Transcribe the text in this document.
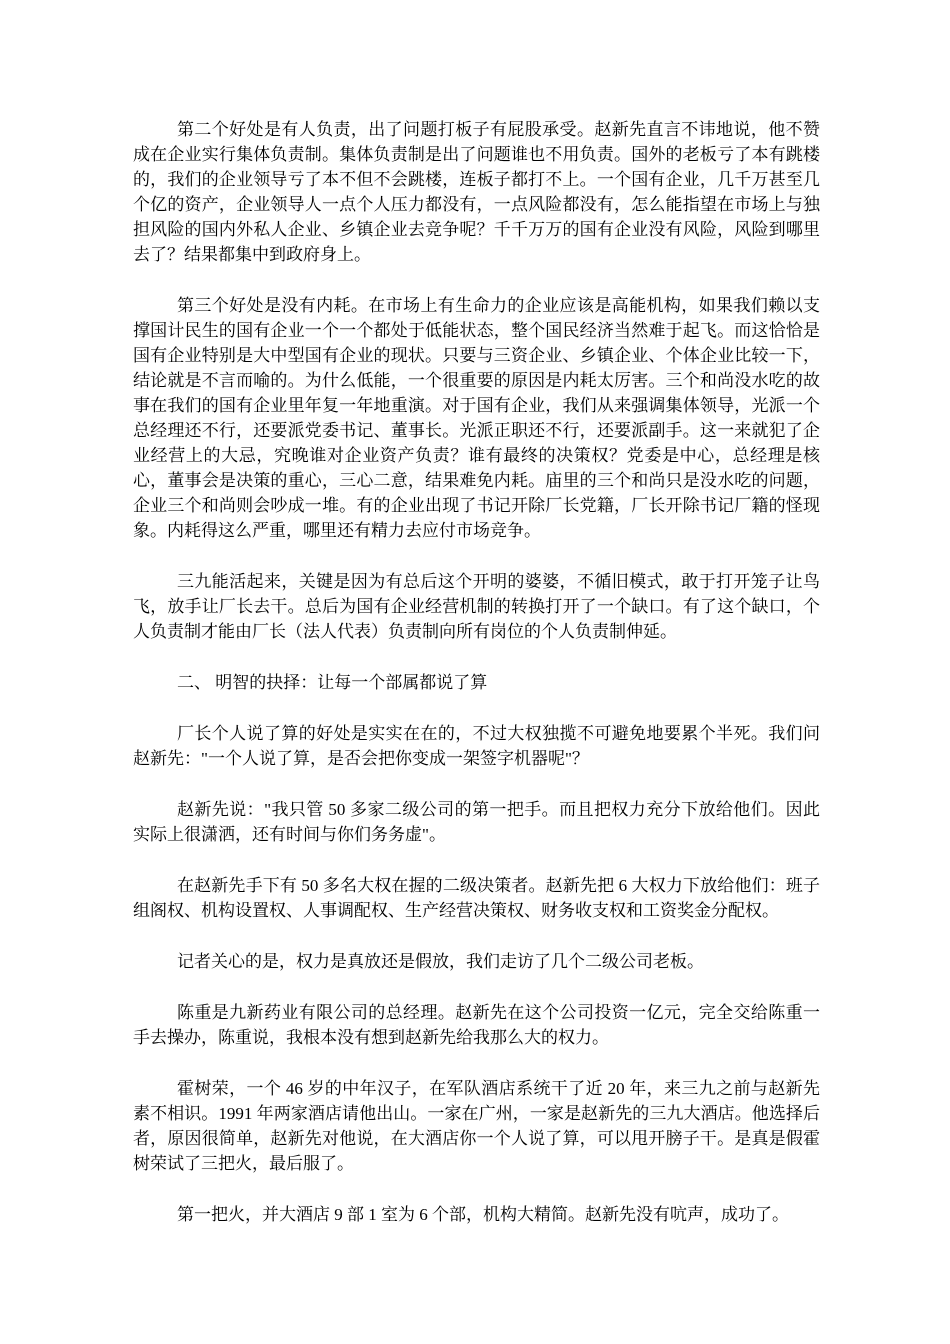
第二个好处是有人负责，出了问题打板子有屁股承受。赵新先直言不讳地说，他不赞成在企业实行集体负责制。集体负责制是出了问题谁也不用负责。国外的老板亏了本有跳楼的，我们的企业领导亏了本不但不会跳楼，连板子都打不上。一个国有企业，几千万甚至几个亿的资产，企业领导人一点个人压力都没有，一点风险都没有，怎么能指望在市场上与独担风险的国内外私人企业、乡镇企业去竞争呢？千千万万的国有企业没有风险，风险到哪里去了？结果都集中到政府身上。

第三个好处是没有内耗。在市场上有生命力的企业应该是高能机构，如果我们赖以支撑国计民生的国有企业一个一个都处于低能状态，整个国民经济当然难于起飞。而这恰恰是国有企业特别是大中型国有企业的现状。只要与三资企业、乡镇企业、个体企业比较一下，结论就是不言而喻的。为什么低能，一个很重要的原因是内耗太厉害。三个和尚没水吃的故事在我们的国有企业里年复一年地重演。对于国有企业，我们从来强调集体领导，光派一个总经理还不行，还要派党委书记、董事长。光派正职还不行，还要派副手。这一来就犯了企业经营上的大忌，究晚谁对企业资产负责？谁有最终的决策权？党委是中心，总经理是核心，董事会是决策的重心，三心二意，结果难免内耗。庙里的三个和尚只是没水吃的问题，企业三个和尚则会吵成一堆。有的企业出现了书记开除厂长党籍，厂长开除书记厂籍的怪现象。内耗得这么严重，哪里还有精力去应付市场竞争。

三九能活起来，关键是因为有总后这个开明的婆婆，不循旧模式，敢于打开笼子让鸟飞，放手让厂长去干。总后为国有企业经营机制的转换打开了一个缺口。有了这个缺口，个人负责制才能由厂长（法人代表）负责制向所有岗位的个人负责制伸延。

二、 明智的抉择：让每一个部属都说了算

厂长个人说了算的好处是实实在在的，不过大权独揽不可避免地要累个半死。我们问赵新先："一个人说了算，是否会把你变成一架签字机器呢"？

赵新先说："我只管 50 多家二级公司的第一把手。而且把权力充分下放给他们。因此实际上很潇洒，还有时间与你们务务虚"。

在赵新先手下有 50 多名大权在握的二级决策者。赵新先把 6 大权力下放给他们：班子组阁权、机构设置权、人事调配权、生产经营决策权、财务收支权和工资奖金分配权。

记者关心的是，权力是真放还是假放，我们走访了几个二级公司老板。

陈重是九新药业有限公司的总经理。赵新先在这个公司投资一亿元，完全交给陈重一手去操办，陈重说，我根本没有想到赵新先给我那么大的权力。

霍树荣，一个 46 岁的中年汉子，在军队酒店系统干了近 20 年，来三九之前与赵新先素不相识。1991 年两家酒店请他出山。一家在广州，一家是赵新先的三九大酒店。他选择后者，原因很简单，赵新先对他说，在大酒店你一个人说了算，可以甩开膀子干。是真是假霍树荣试了三把火，最后服了。

第一把火，并大酒店 9 部 1 室为 6 个部，机构大精简。赵新先没有吭声，成功了。
